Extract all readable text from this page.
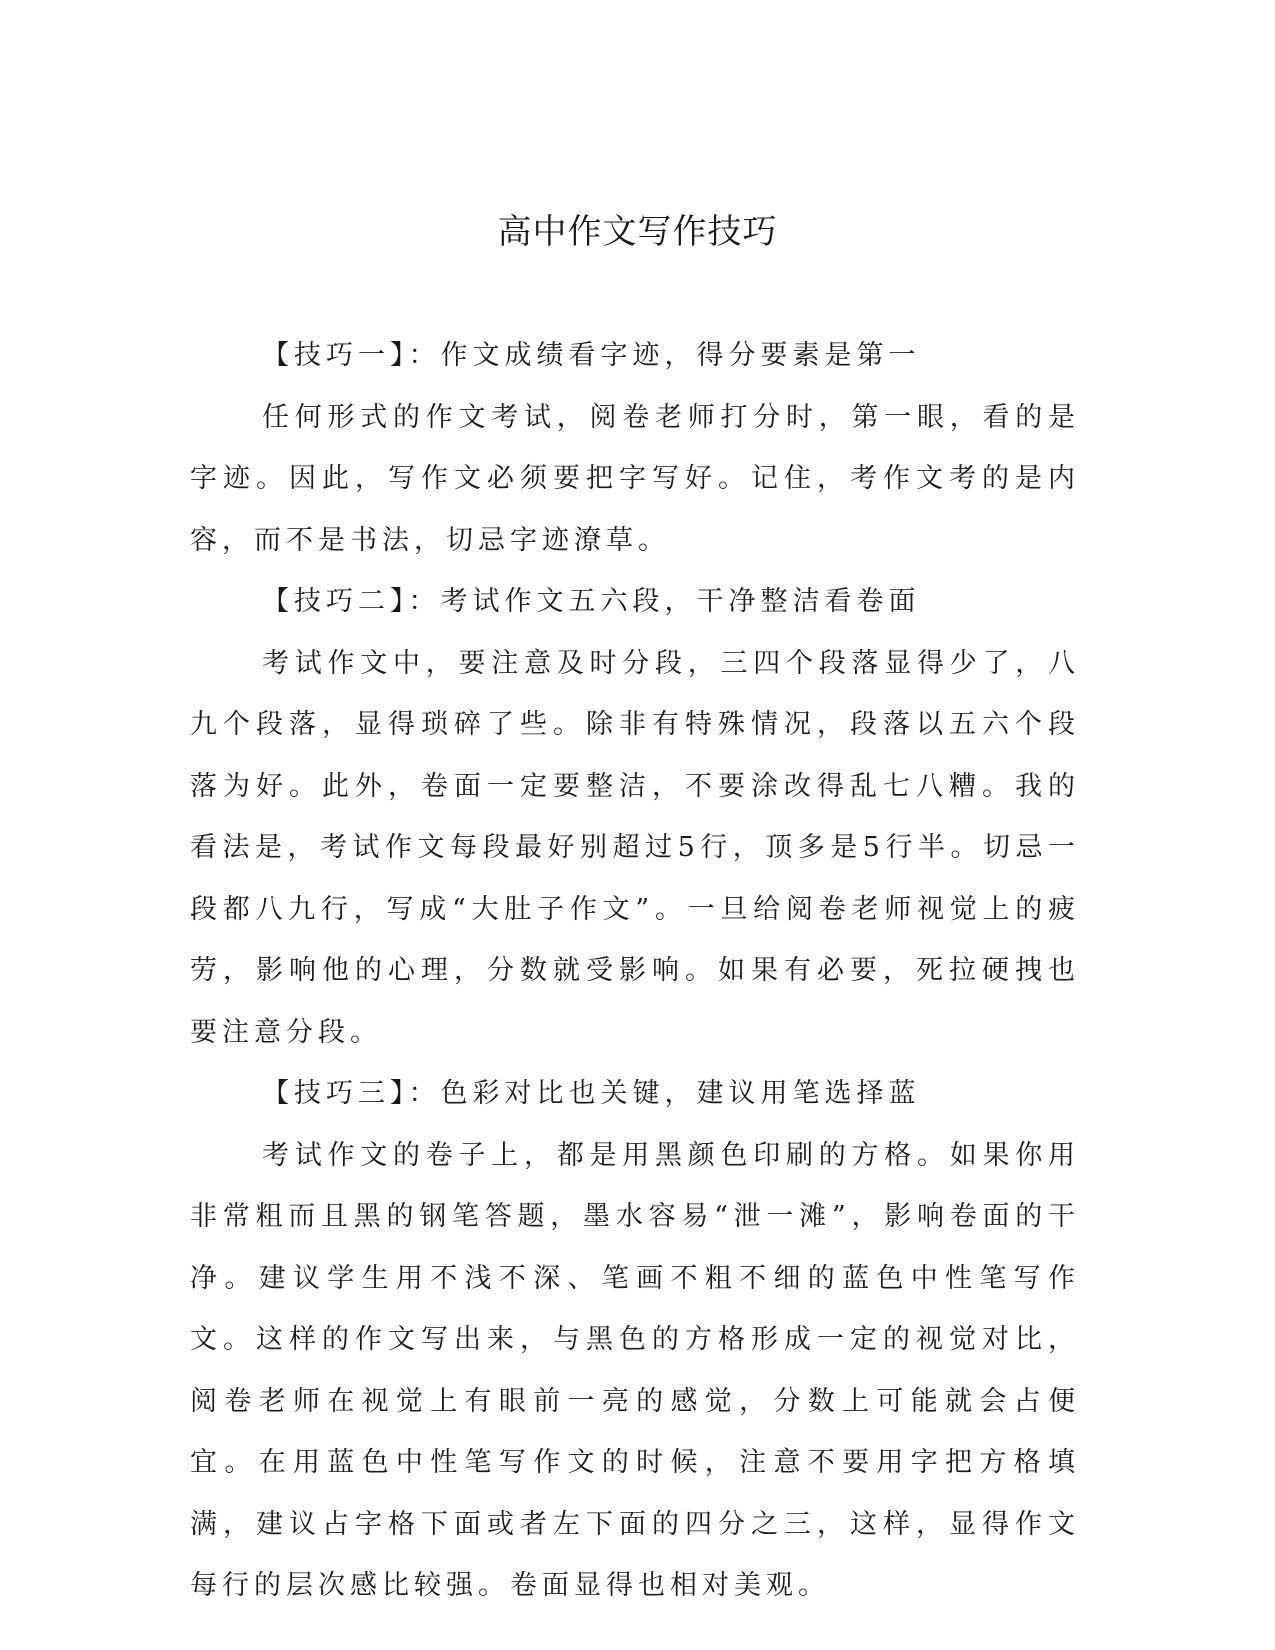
高中作文写作技巧

【技巧一】：作文成绩看字迹，得分要素是第一

任何形式的作文考试，阅卷老师打分时，第一眼，看的是字迹。因此，写作文必须要把字写好。记住，考作文考的是内容，而不是书法，切忌字迹潦草。

【技巧二】：考试作文五六段，干净整洁看卷面

考试作文中，要注意及时分段，三四个段落显得少了，八九个段落，显得琐碎了些。除非有特殊情况，段落以五六个段落为好。此外，卷面一定要整洁，不要涂改得乱七八糟。我的看法是，考试作文每段最好别超过5行，顶多是5行半。切忌一段都八九行，写成“大肚子作文”。一旦给阅卷老师视觉上的疲劳，影响他的心理，分数就受影响。如果有必要，死拉硬拽也要注意分段。

【技巧三】：色彩对比也关键，建议用笔选择蓝

考试作文的卷子上，都是用黑颜色印刷的方格。如果你用非常粗而且黑的钢笔答题，墨水容易“泄一滩”，影响卷面的干净。建议学生用不浅不深、笔画不粗不细的蓝色中性笔写作文。这样的作文写出来，与黑色的方格形成一定的视觉对比，阅卷老师在视觉上有眼前一亮的感觉，分数上可能就会占便宜。在用蓝色中性笔写作文的时候，注意不要用字把方格填满，建议占字格下面或者左下面的四分之三，这样，显得作文每行的层次感比较强。卷面显得也相对美观。
